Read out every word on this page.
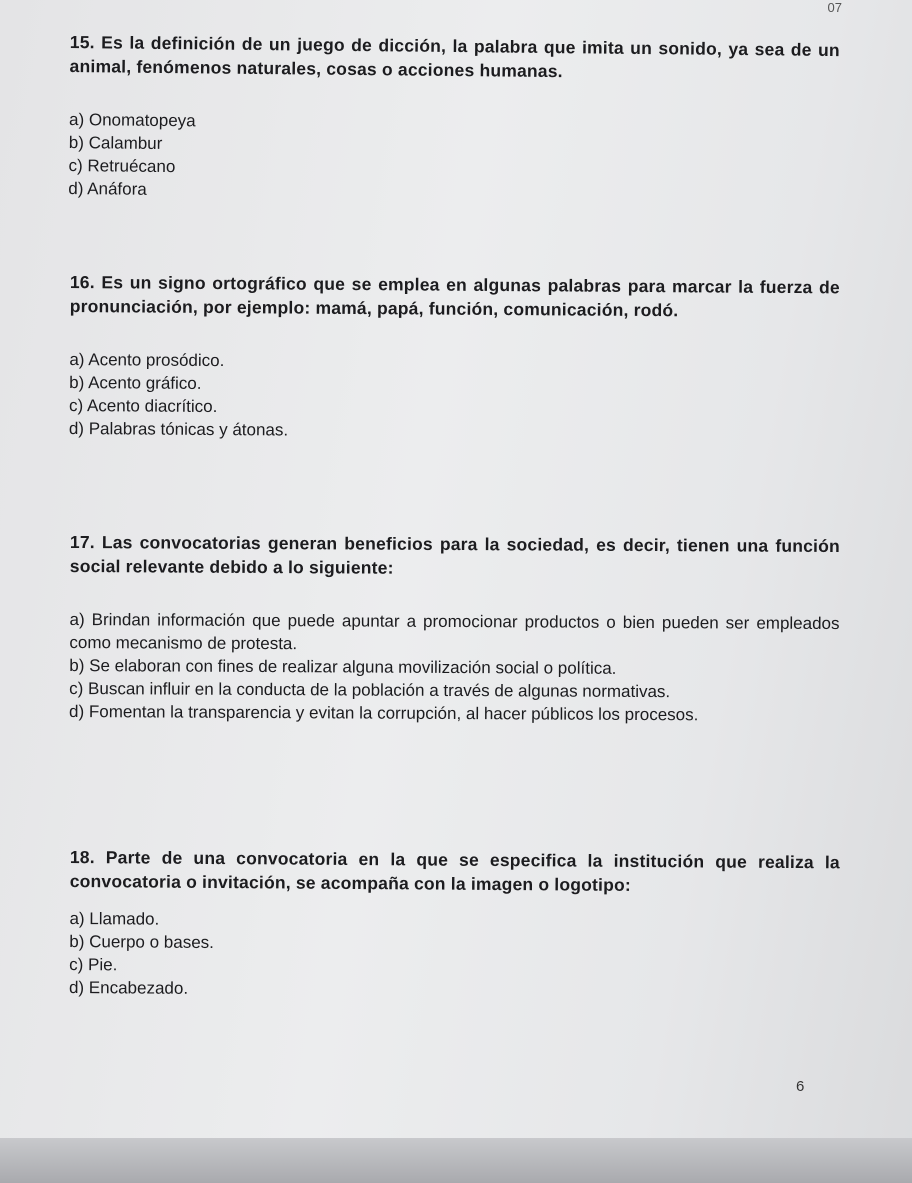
07

15. Es la definición de un juego de dicción, la palabra que imita un sonido, ya sea de un animal, fenómenos naturales, cosas o acciones humanas.

a) Onomatopeya
b) Calambur
c) Retruécano
d) Anáfora

16. Es un signo ortográfico que se emplea en algunas palabras para marcar la fuerza de pronunciación, por ejemplo: mamá, papá, función, comunicación, rodó.

a) Acento prosódico.
b) Acento gráfico.
c) Acento diacrítico.
d) Palabras tónicas y átonas.

17. Las convocatorias generan beneficios para la sociedad, es decir, tienen una función social relevante debido a lo siguiente:

a) Brindan información que puede apuntar a promocionar productos o bien pueden ser empleados como mecanismo de protesta.
b) Se elaboran con fines de realizar alguna movilización social o política.
c) Buscan influir en la conducta de la población a través de algunas normativas.
d) Fomentan la transparencia y evitan la corrupción, al hacer públicos los procesos.

18. Parte de una convocatoria en la que se especifica la institución que realiza la convocatoria o invitación, se acompaña con la imagen o logotipo:

a) Llamado.
b) Cuerpo o bases.
c) Pie.
d) Encabezado.
6
